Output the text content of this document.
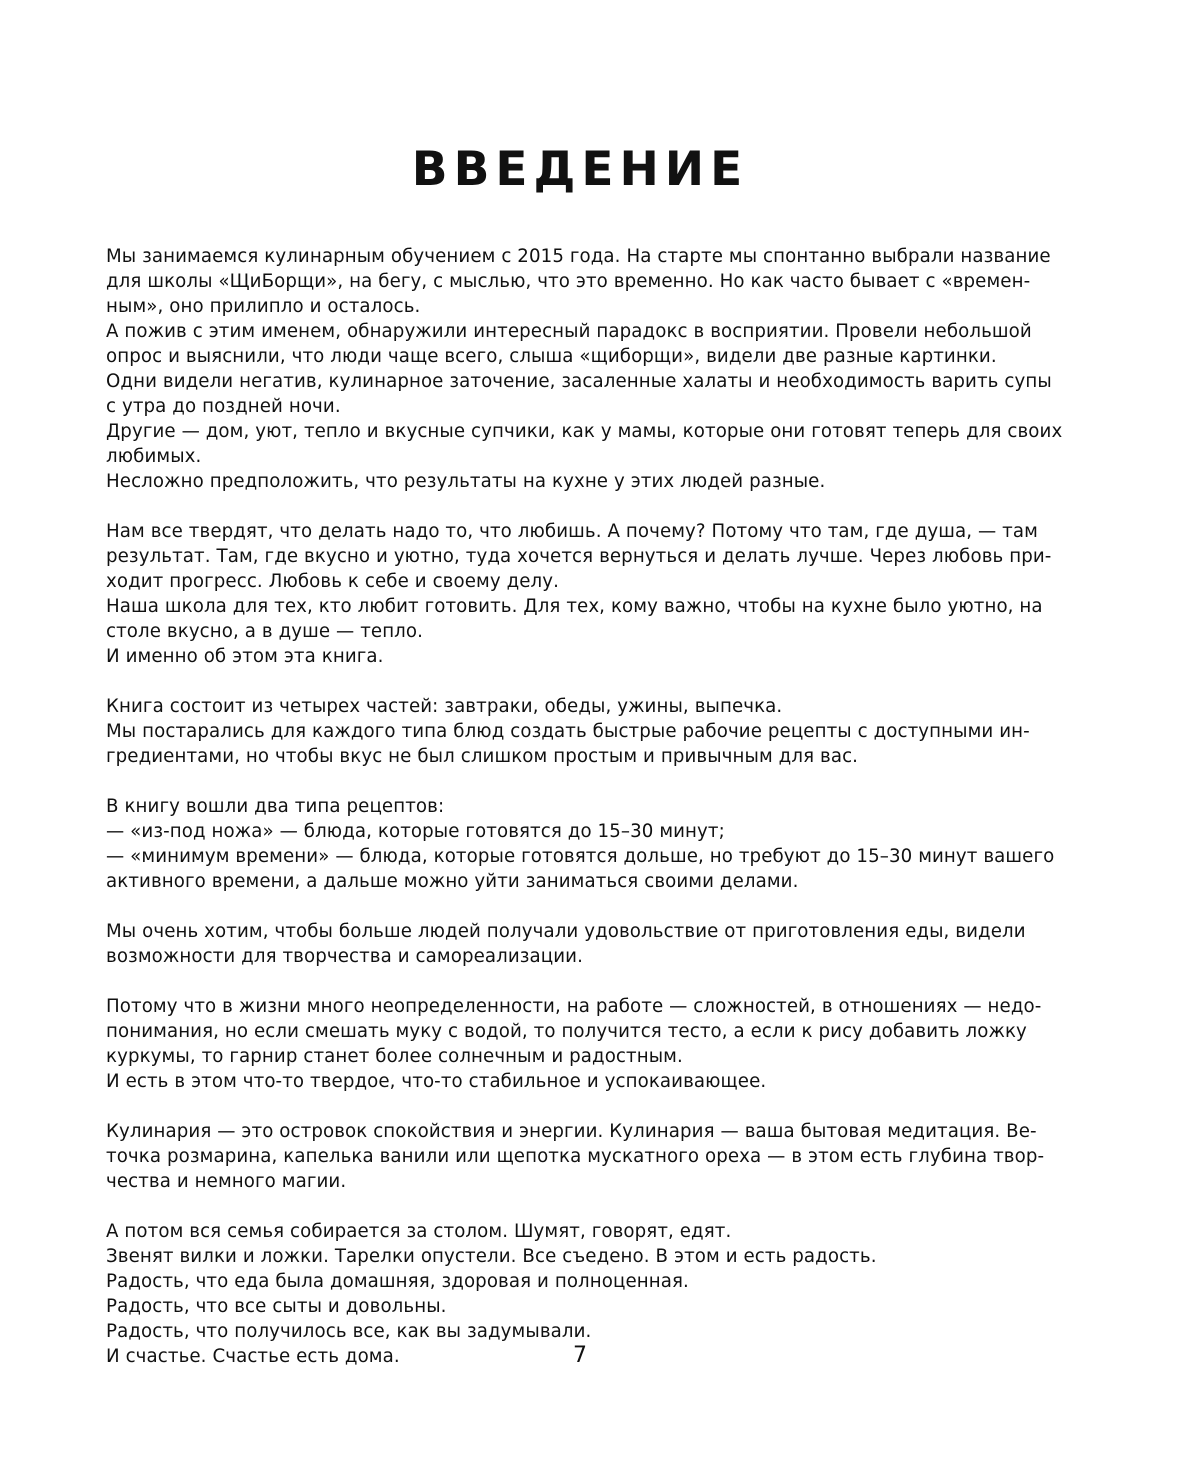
ВВЕДЕНИЕ

Мы занимаемся кулинарным обучением с 2015 года. На старте мы спонтанно выбрали название
для школы «ЩиБорщи», на бегу, с мыслью, что это временно. Но как часто бывает с «времен-
ным», оно прилипло и осталось.
А пожив с этим именем, обнаружили интересный парадокс в восприятии. Провели небольшой
опрос и выяснили, что люди чаще всего, слыша «щиборщи», видели две разные картинки.
Одни видели негатив, кулинарное заточение, засаленные халаты и необходимость варить супы
с утра до поздней ночи.
Другие — дом, уют, тепло и вкусные супчики, как у мамы, которые они готовят теперь для своих
любимых.
Несложно предположить, что результаты на кухне у этих людей разные.

Нам все твердят, что делать надо то, что любишь. А почему? Потому что там, где душа, — там
результат. Там, где вкусно и уютно, туда хочется вернуться и делать лучше. Через любовь при-
ходит прогресс. Любовь к себе и своему делу.
Наша школа для тех, кто любит готовить. Для тех, кому важно, чтобы на кухне было уютно, на
столе вкусно, а в душе — тепло.
И именно об этом эта книга.

Книга состоит из четырех частей: завтраки, обеды, ужины, выпечка.
Мы постарались для каждого типа блюд создать быстрые рабочие рецепты с доступными ин-
гредиентами, но чтобы вкус не был слишком простым и привычным для вас.

В книгу вошли два типа рецептов:
— «из-под ножа» — блюда, которые готовятся до 15–30 минут;
— «минимум времени» — блюда, которые готовятся дольше, но требуют до 15–30 минут вашего
активного времени, а дальше можно уйти заниматься своими делами.

Мы очень хотим, чтобы больше людей получали удовольствие от приготовления еды, видели
возможности для творчества и самореализации.

Потому что в жизни много неопределенности, на работе — сложностей, в отношениях — недо-
понимания, но если смешать муку с водой, то получится тесто, а если к рису добавить ложку
куркумы, то гарнир станет более солнечным и радостным.
И есть в этом что-то твердое, что-то стабильное и успокаивающее.

Кулинария — это островок спокойствия и энергии. Кулинария — ваша бытовая медитация. Ве-
точка розмарина, капелька ванили или щепотка мускатного ореха — в этом есть глубина твор-
чества и немного магии.

А потом вся семья собирается за столом. Шумят, говорят, едят.
Звенят вилки и ложки. Тарелки опустели. Все съедено. В этом и есть радость.
Радость, что еда была домашняя, здоровая и полноценная.
Радость, что все сыты и довольны.
Радость, что получилось все, как вы задумывали.
И счастье. Счастье есть дома.	7
